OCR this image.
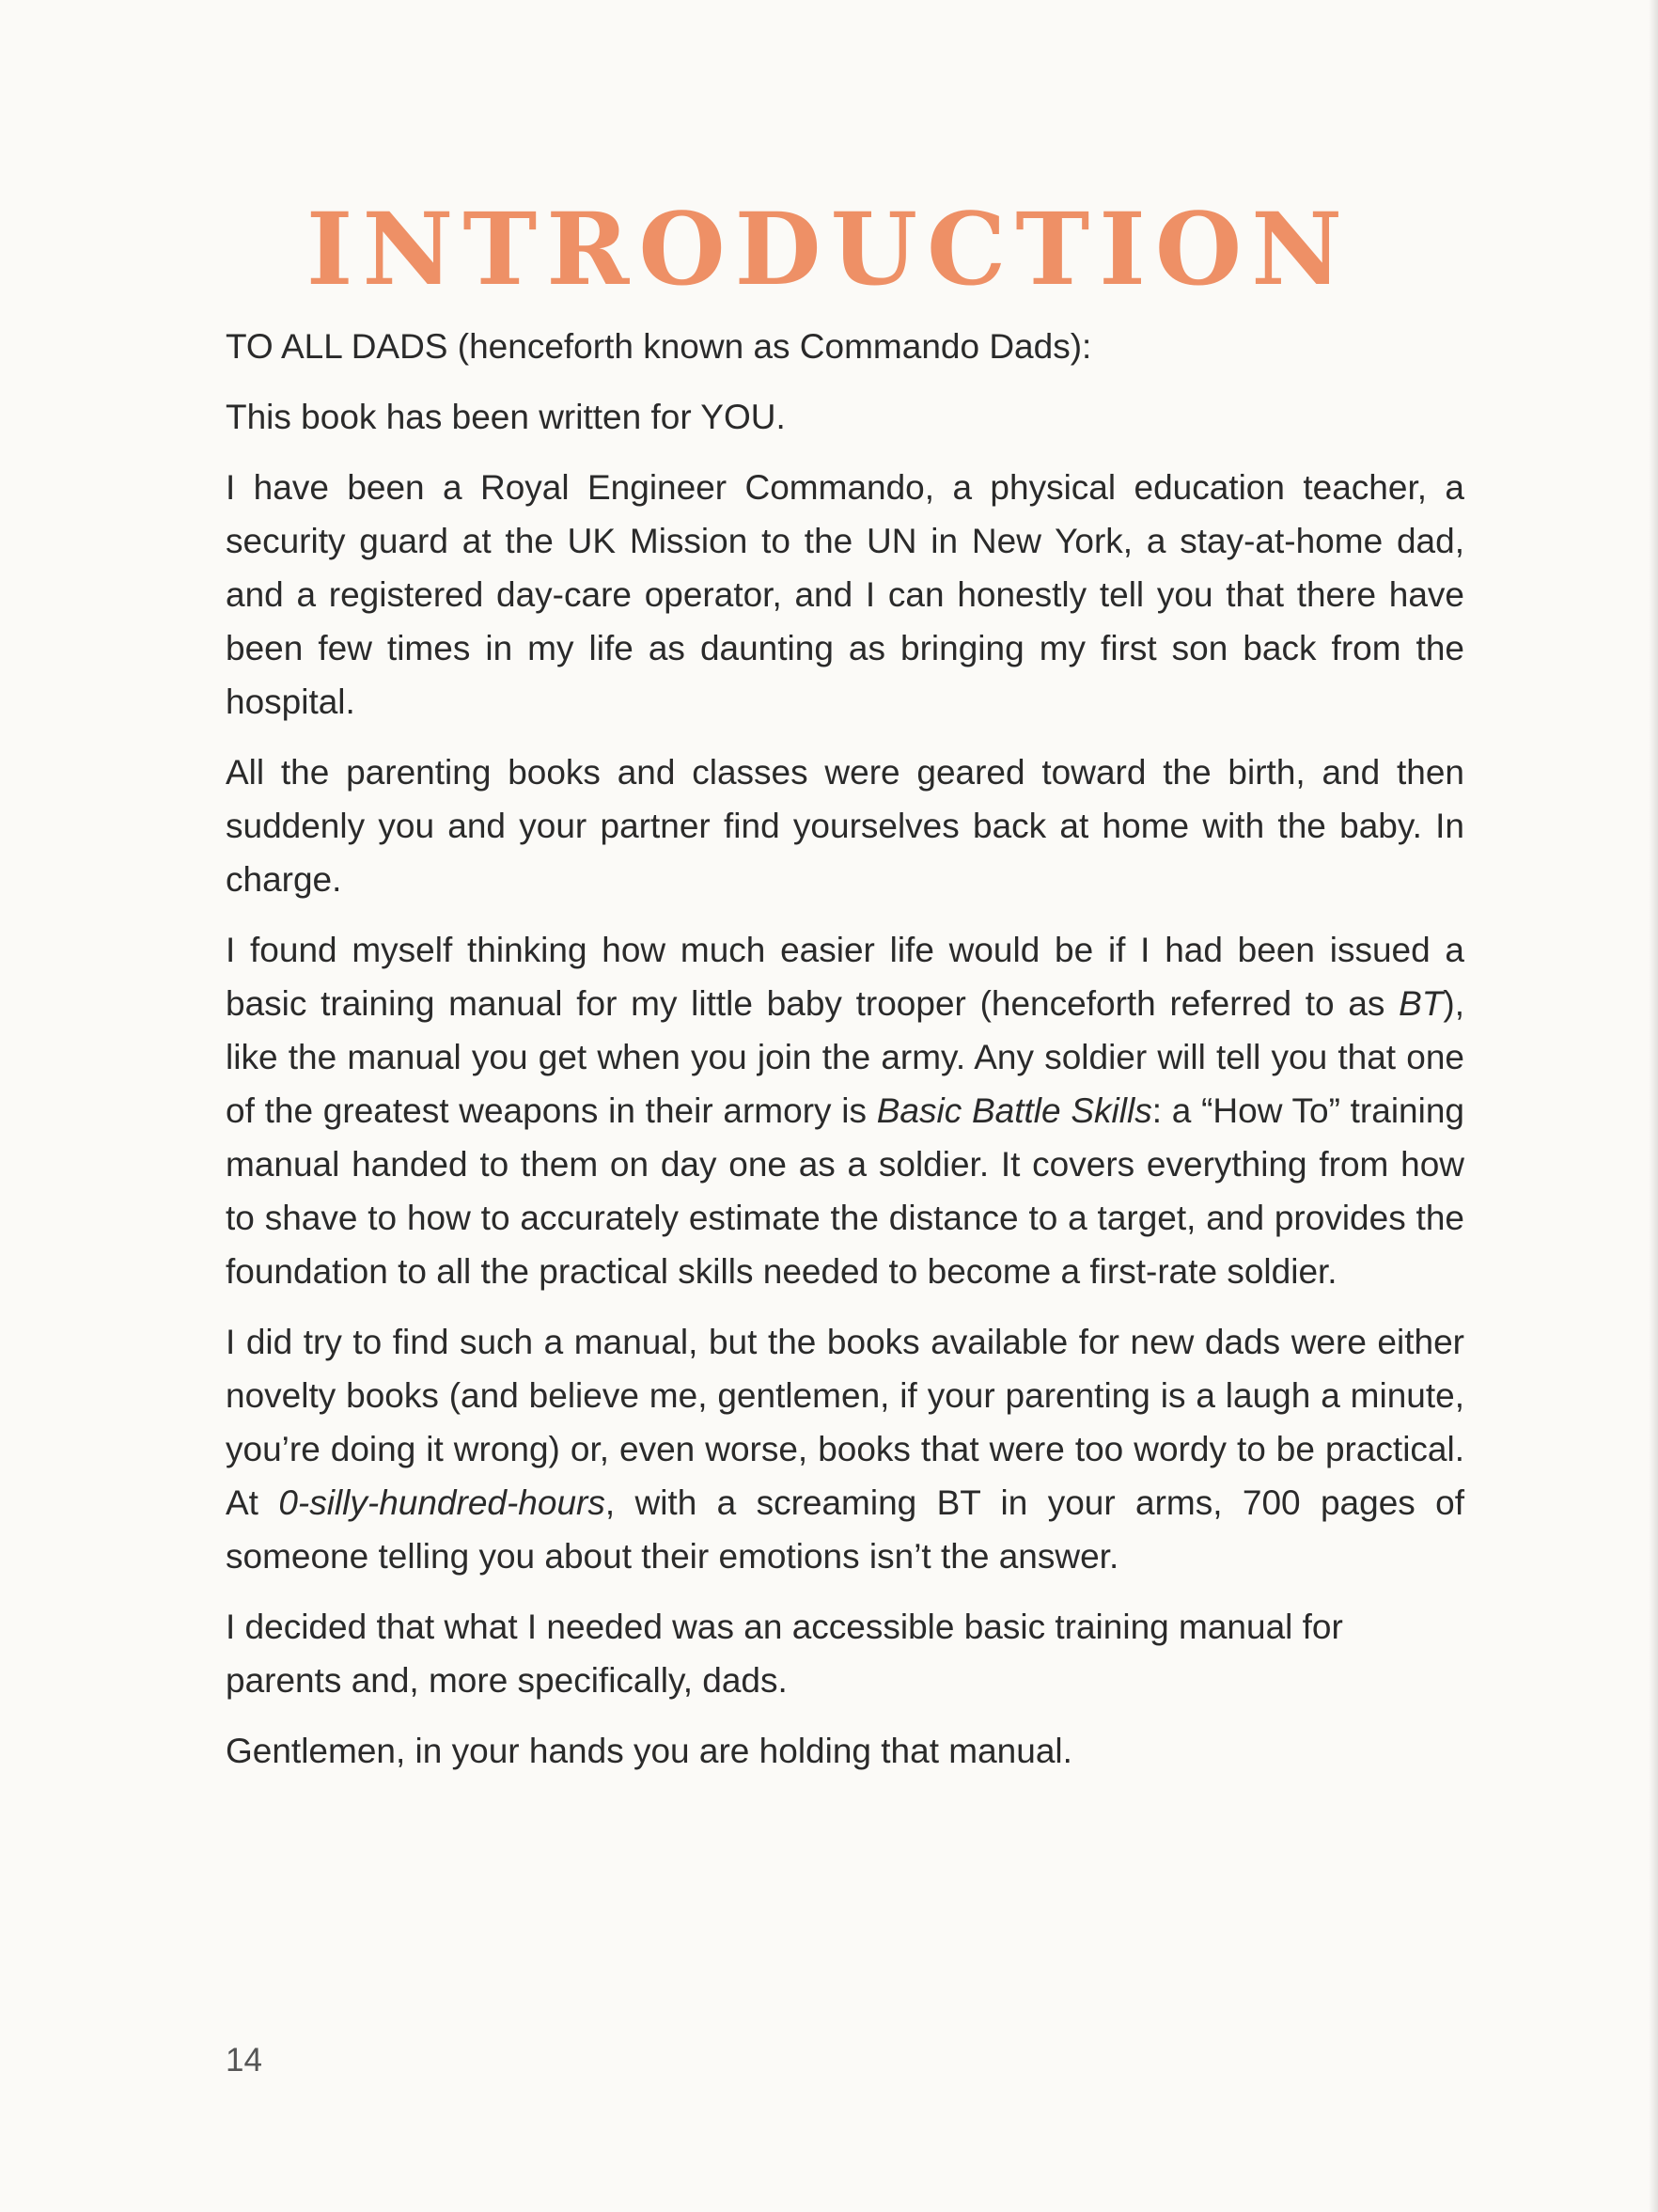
INTRODUCTION

TO ALL DADS (henceforth known as Commando Dads):

This book has been written for YOU.

I have been a Royal Engineer Commando, a physical education teacher, a security guard at the UK Mission to the UN in New York, a stay-at-home dad, and a registered day-care operator, and I can honestly tell you that there have been few times in my life as daunting as bringing my first son back from the hospital.

All the parenting books and classes were geared toward the birth, and then suddenly you and your partner find yourselves back at home with the baby. In charge.

I found myself thinking how much easier life would be if I had been issued a basic training manual for my little baby trooper (henceforth referred to as BT), like the manual you get when you join the army. Any soldier will tell you that one of the greatest weapons in their armory is Basic Battle Skills: a “How To” training manual handed to them on day one as a soldier. It covers everything from how to shave to how to accurately estimate the distance to a target, and provides the foundation to all the practical skills needed to become a first-rate soldier.

I did try to find such a manual, but the books available for new dads were either novelty books (and believe me, gentlemen, if your parenting is a laugh a minute, you’re doing it wrong) or, even worse, books that were too wordy to be practical. At 0-silly-hundred-hours, with a screaming BT in your arms, 700 pages of someone telling you about their emotions isn’t the answer.

I decided that what I needed was an accessible basic training manual for parents and, more specifically, dads.

Gentlemen, in your hands you are holding that manual.

14
